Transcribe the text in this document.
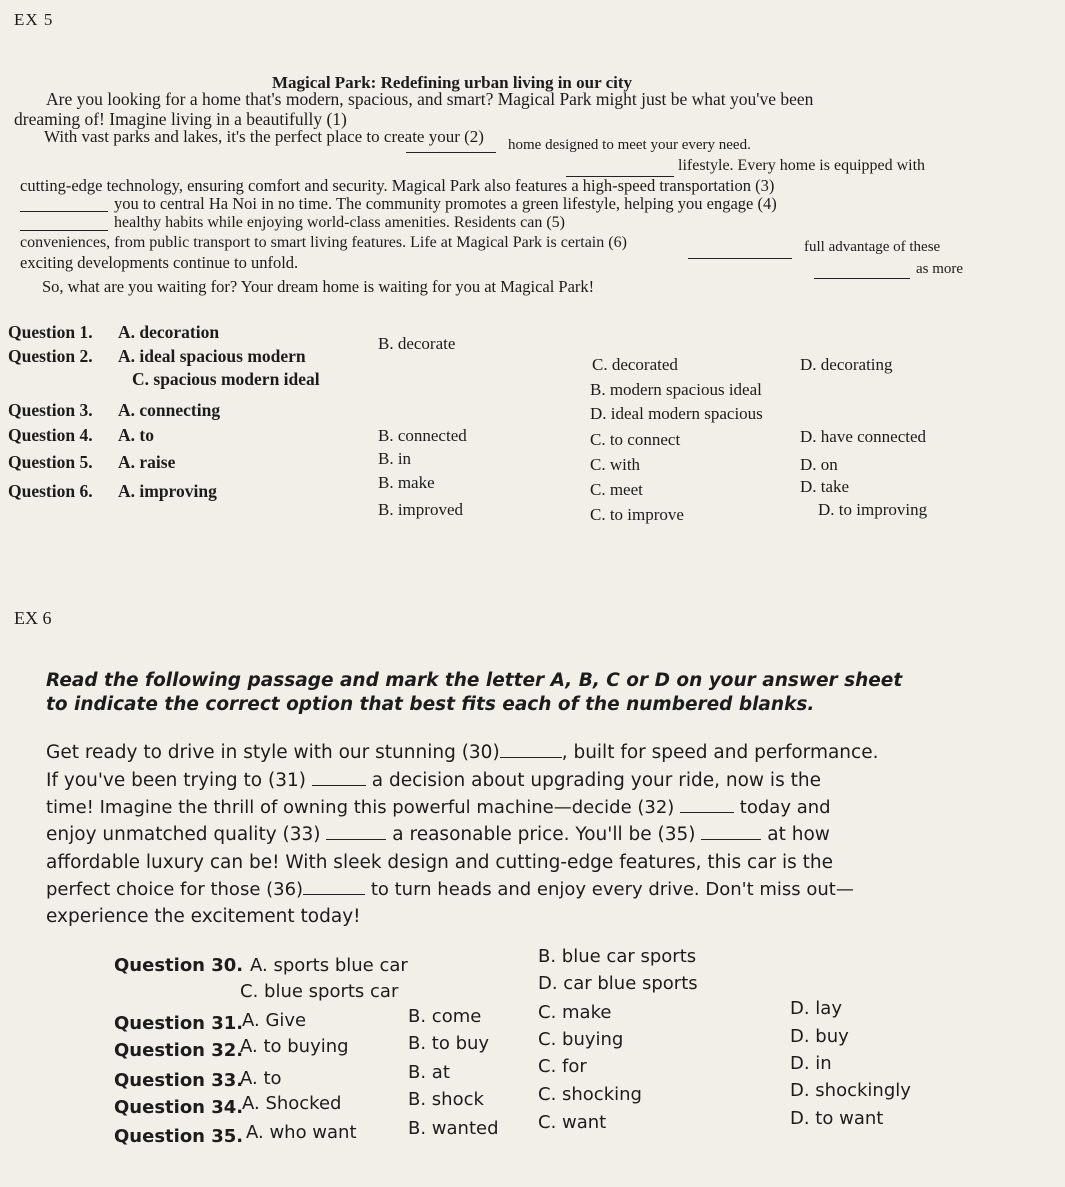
EX 5
Magical Park: Redefining urban living in our city
Are you looking for a home that's modern, spacious, and smart? Magical Park might just be what you've been
dreaming of! Imagine living in a beautifully (1)
With vast parks and lakes, it's the perfect place to create your (2) home designed to meet your every need.
lifestyle. Every home is equipped with
cutting-edge technology, ensuring comfort and security. Magical Park also features a high-speed transportation (3)
you to central Ha Noi in no time. The community promotes a green lifestyle, helping you engage (4)
healthy habits while enjoying world-class amenities. Residents can (5)
full advantage of these
conveniences, from public transport to smart living features. Life at Magical Park is certain (6)
as more
exciting developments continue to unfold.
So, what are you waiting for? Your dream home is waiting for you at Magical Park!
Question 1. A. decoration
B. decorate
C. decorated	D. decorating
Question 2. A. ideal spacious modern
B. modern spacious ideal
C. spacious modern ideal
D. ideal modern spacious
Question 3. A. connecting
B. connected	C. to connect	D. have connected
Question 4. A. to
B. in	C. with	D. on
Question 5. A. raise
B. make	C. meet	D. take
Question 6. A. improving
B. improved	C. to improve	D. to improving
EX 6
Read the following passage and mark the letter A, B, C or D on your answer sheet
to indicate the correct option that best fits each of the numbered blanks.
Get ready to drive in style with our stunning (30)	, built for speed and performance.
If you've been trying to (31)	a decision about upgrading your ride, now is the
time! Imagine the thrill of owning this powerful machine—decide (32)	today and
enjoy unmatched quality (33)	a reasonable price. You'll be (35)	at how
affordable luxury can be! With sleek design and cutting-edge features, this car is the
perfect choice for those (36)	to turn heads and enjoy every drive. Don't miss out—
experience the excitement today!
Question 30. A. sports blue car	B. blue car sports
C. blue sports car	D. car blue sports
Question 31.
A. Give	B. come	C. make	D. lay
Question 32.
A. to buying	B. to buy	C. buying	D. buy
Question 33.
A. to	B. at	C. for	D. in
Question 34.
A. Shocked	B. shock	C. shocking	D. shockingly
Question 35. A. who want	B. wanted C. want	D. to want
